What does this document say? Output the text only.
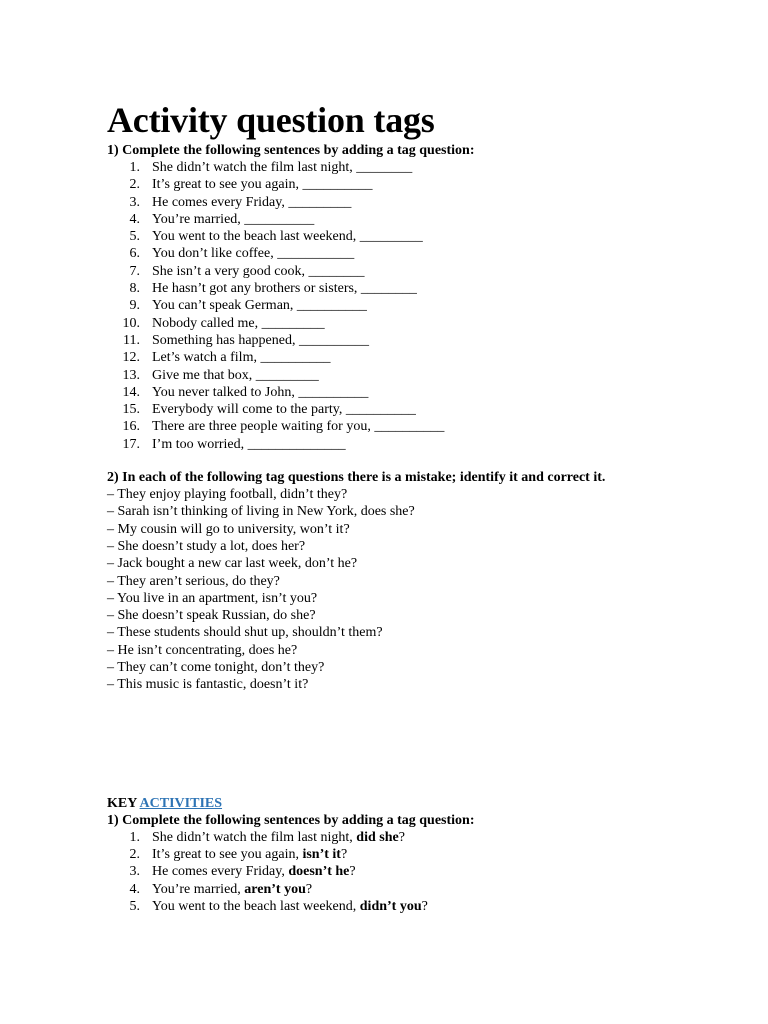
Activity question tags

1) Complete the following sentences by adding a tag question:

1. She didn’t watch the film last night, ________
2. It’s great to see you again, __________
3. He comes every Friday, _________
4. You’re married, __________
5. You went to the beach last weekend, _________
6. You don’t like coffee, ___________
7. She isn’t a very good cook, ________
8. He hasn’t got any brothers or sisters, ________
9. You can’t speak German, __________
10. Nobody called me, _________
11. Something has happened, __________
12. Let’s watch a film, __________
13. Give me that box, _________
14. You never talked to John, __________
15. Everybody will come to the party, __________
16. There are three people waiting for you, __________
17. I’m too worried, ______________

2) In each of the following tag questions there is a mistake; identify it and correct it.

– They enjoy playing football, didn’t they?
– Sarah isn’t thinking of living in New York, does she?
– My cousin will go to university, won’t it?
– She doesn’t study a lot, does her?
– Jack bought a new car last week, don’t he?
– They aren’t serious, do they?
– You live in an apartment, isn’t you?
– She doesn’t speak Russian, do she?
– These students should shut up, shouldn’t them?
– He isn’t concentrating, does he?
– They can’t come tonight, don’t they?
– This music is fantastic, doesn’t it?
KEY ACTIVITIES

1) Complete the following sentences by adding a tag question:

1. She didn’t watch the film last night, did she?
2. It’s great to see you again, isn’t it?
3. He comes every Friday, doesn’t he?
4. You’re married, aren’t you?
5. You went to the beach last weekend, didn’t you?
